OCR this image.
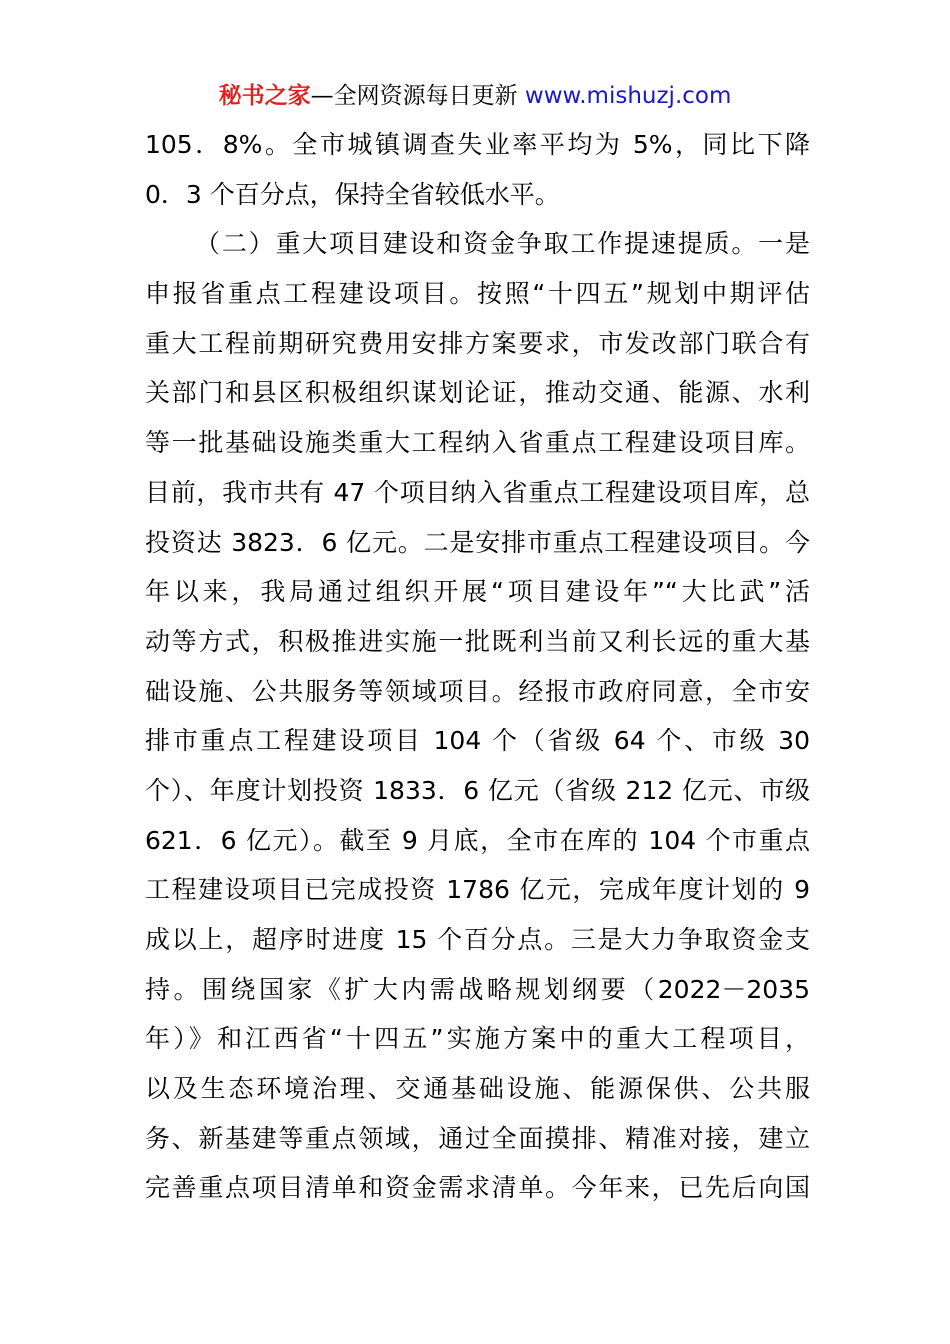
秘书之家—全网资源每日更新 www.mishuzj.com
105．8%。全市城镇调查失业率平均为 5%，同比下降
0．3 个百分点，保持全省较低水平。
（二）重大项目建设和资金争取工作提速提质。一是
申报省重点工程建设项目。按照“十四五”规划中期评估
重大工程前期研究费用安排方案要求，市发改部门联合有
关部门和县区积极组织谋划论证，推动交通、能源、水利
等一批基础设施类重大工程纳入省重点工程建设项目库。
目前，我市共有 47 个项目纳入省重点工程建设项目库，总
投资达 3823．6 亿元。二是安排市重点工程建设项目。今
年以来，我局通过组织开展“项目建设年”“大比武”活
动等方式，积极推进实施一批既利当前又利长远的重大基
础设施、公共服务等领域项目。经报市政府同意，全市安
排市重点工程建设项目 104 个（省级 64 个、市级 30
个）、年度计划投资 1833．6 亿元（省级 212 亿元、市级
621．6 亿元）。截至 9 月底，全市在库的 104 个市重点
工程建设项目已完成投资 1786 亿元，完成年度计划的 9
成以上，超序时进度 15 个百分点。三是大力争取资金支
持。围绕国家《扩大内需战略规划纲要（2022－2035
年）》和江西省“十四五”实施方案中的重大工程项目，
以及生态环境治理、交通基础设施、能源保供、公共服
务、新基建等重点领域，通过全面摸排、精准对接，建立
完善重点项目清单和资金需求清单。今年来，已先后向国
